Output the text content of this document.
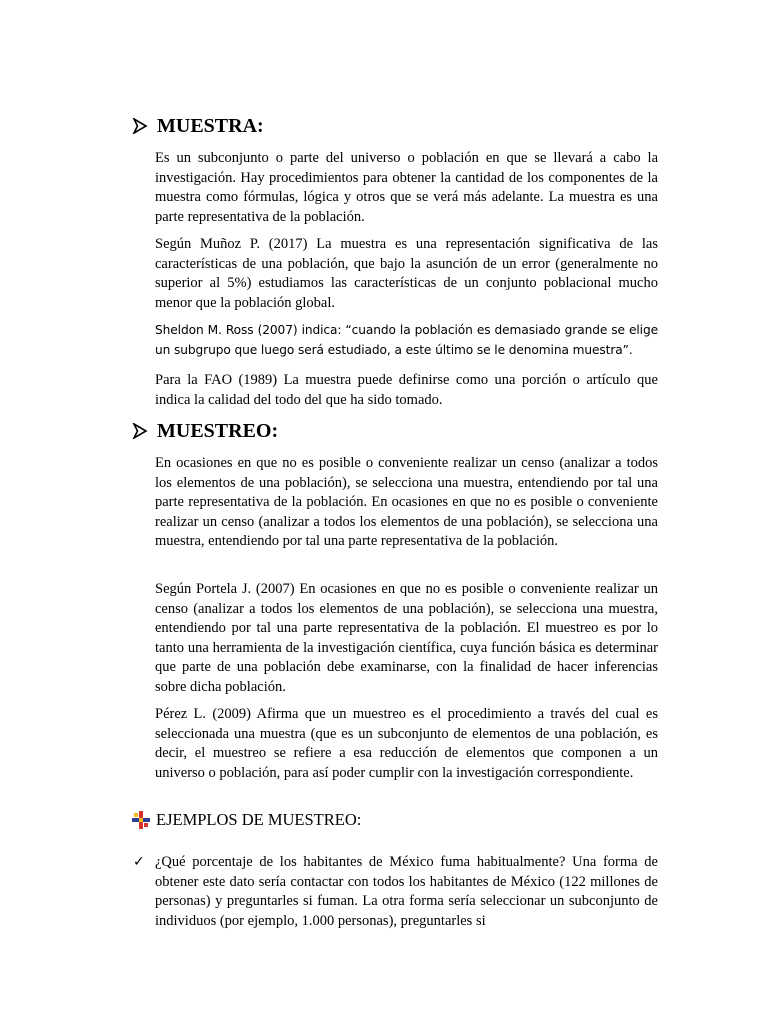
MUESTRA:

Es un subconjunto o parte del universo o población en que se llevará a cabo la investigación. Hay procedimientos para obtener la cantidad de los componentes de la muestra como fórmulas, lógica y otros que se verá más adelante. La muestra es una parte representativa de la población.

Según Muñoz P. (2017) La muestra es una representación significativa de las características de una población, que bajo la asunción de un error (generalmente no superior al 5%) estudiamos las características de un conjunto poblacional mucho menor que la población global.

Sheldon M. Ross (2007) indica: “cuando la población es demasiado grande se elige un subgrupo que luego será estudiado, a este último se le denomina muestra”.

Para la FAO (1989) La muestra puede definirse como una porción o artículo que indica la calidad del todo del que ha sido tomado.

MUESTREO:

En ocasiones en que no es posible o conveniente realizar un censo (analizar a todos los elementos de una población), se selecciona una muestra, entendiendo por tal una parte representativa de la población. En ocasiones en que no es posible o conveniente realizar un censo (analizar a todos los elementos de una población), se selecciona una muestra, entendiendo por tal una parte representativa de la población.

Según Portela J. (2007) En ocasiones en que no es posible o conveniente realizar un censo (analizar a todos los elementos de una población), se selecciona una muestra, entendiendo por tal una parte representativa de la población. El muestreo es por lo tanto una herramienta de la investigación científica, cuya función básica es determinar que parte de una población debe examinarse, con la finalidad de hacer inferencias sobre dicha población.

Pérez L. (2009) Afirma que un muestreo es el procedimiento a través del cual es seleccionada una muestra (que es un subconjunto de elementos de una población, es decir, el muestreo se refiere a esa reducción de elementos que componen a un universo o población, para así poder cumplir con la investigación correspondiente.

EJEMPLOS DE MUESTREO:
✓ ¿Qué porcentaje de los habitantes de México fuma habitualmente? Una forma de obtener este dato sería contactar con todos los habitantes de México (122 millones de personas) y preguntarles si fuman. La otra forma sería seleccionar un subconjunto de individuos (por ejemplo, 1.000 personas), preguntarles si
